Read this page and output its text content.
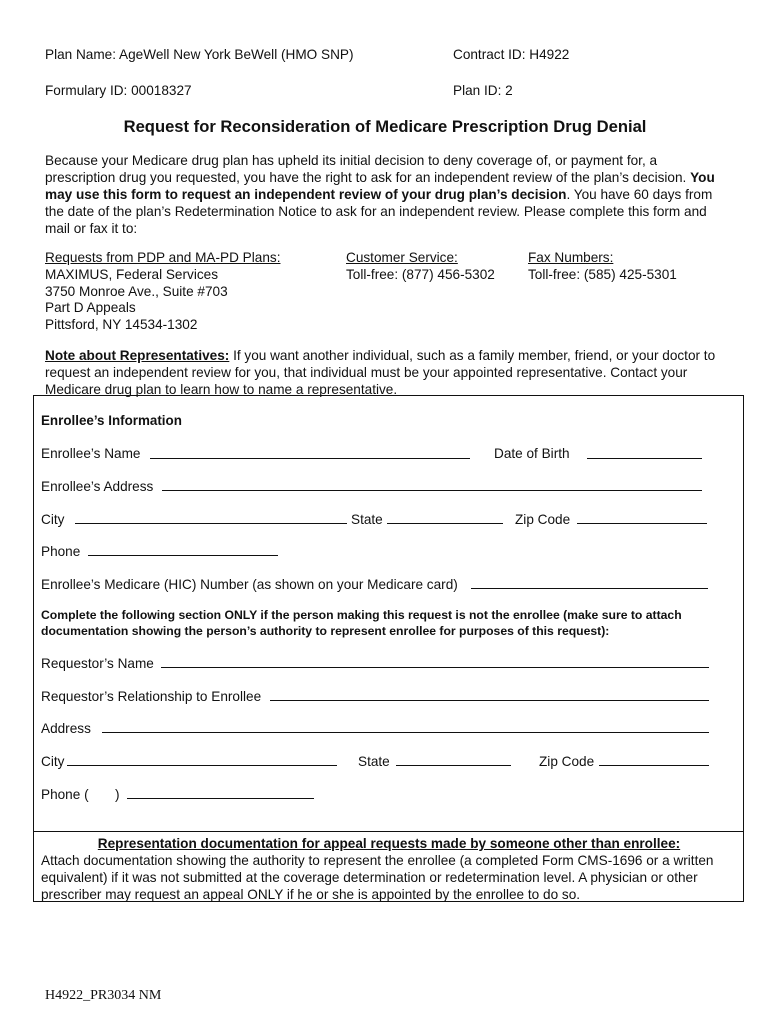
Plan Name: AgeWell New York BeWell (HMO SNP)	Contract ID: H4922
Formulary ID: 00018327	Plan ID: 2
Request for Reconsideration of Medicare Prescription Drug Denial
Because your Medicare drug plan has upheld its initial decision to deny coverage of, or payment for, a prescription drug you requested, you have the right to ask for an independent review of the plan’s decision. You may use this form to request an independent review of your drug plan’s decision. You have 60 days from the date of the plan’s Redetermination Notice to ask for an independent review. Please complete this form and mail or fax it to:
Requests from PDP and MA-PD Plans:
MAXIMUS, Federal Services
3750 Monroe Ave., Suite #703
Part D Appeals
Pittsford, NY 14534-1302
Customer Service:
Toll-free: (877) 456-5302
Fax Numbers:
Toll-free: (585) 425-5301
Note about Representatives: If you want another individual, such as a family member, friend, or your doctor to request an independent review for you, that individual must be your appointed representative. Contact your Medicare drug plan to learn how to name a representative.
Enrollee’s Information
Enrollee’s Name	Date of Birth
Enrollee’s Address
City	State	Zip Code
Phone
Enrollee’s Medicare (HIC) Number (as shown on your Medicare card)
Complete the following section ONLY if the person making this request is not the enrollee (make sure to attach documentation showing the person’s authority to represent enrollee for purposes of this request):
Requestor’s Name
Requestor’s Relationship to Enrollee
Address
City	State	Zip Code
Phone (       )
Representation documentation for appeal requests made by someone other than enrollee:
Attach documentation showing the authority to represent the enrollee (a completed Form CMS-1696 or a written equivalent) if it was not submitted at the coverage determination or redetermination level. A physician or other prescriber may request an appeal ONLY if he or she is appointed by the enrollee to do so.
H4922_PR3034 NM
